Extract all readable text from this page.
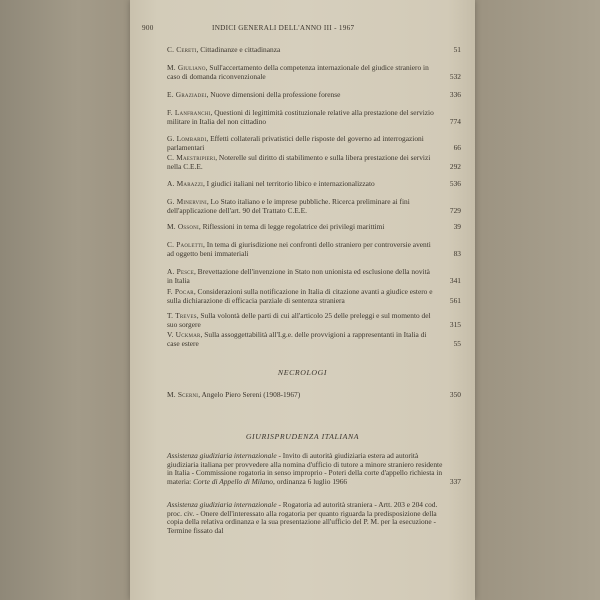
900	INDICI GENERALI DELL'ANNO III - 1967
C. Cereti, Cittadinanze e cittadinanza	51
M. Giuliano, Sull'accertamento della competenza internazionale del giudice straniero in caso di domanda riconvenzionale	532
E. Graziadei, Nuove dimensioni della professione forense	336
F. Lanfranchi, Questioni di legittimità costituzionale relative alla prestazione del servizio militare in Italia del non cittadino	774
G. Lombardi, Effetti collaterali privatistici delle risposte del governo ad interrogazioni parlamentari	66
C. Maestripieri, Noterelle sul diritto di stabilimento e sulla libera prestazione dei servizi nella C.E.E.	292
A. Marazzi, I giudici italiani nel territorio libico e internazionalizzato	536
G. Minervini, Lo Stato italiano e le imprese pubbliche. Ricerca preliminare ai fini dell'applicazione dell'art. 90 del Trattato C.E.E.	729
M. Ossoni, Riflessioni in tema di legge regolatrice dei privilegi marittimi	39
C. Paoletti, In tema di giurisdizione nei confronti dello straniero per controversie aventi ad oggetto beni immateriali	83
A. Pesce, Brevettazione dell'invenzione in Stato non unionista ed esclusione della novità in Italia	341
F. Pocar, Considerazioni sulla notificazione in Italia di citazione avanti a giudice estero e sulla dichiarazione di efficacia parziale di sentenza straniera	561
T. Treves, Sulla volontà delle parti di cui all'articolo 25 delle preleggi e sul momento del suo sorgere	315
V. Uckmar, Sulla assoggettabilità all'I.g.e. delle provvigioni a rappresentanti in Italia di case estere	55
NECROLOGI
M. Scerni, Angelo Piero Sereni (1908-1967)	350
GIURISPRUDENZA ITALIANA
Assistenza giudiziaria internazionale - Invito di autorità giudiziaria estera ad autorità giudiziaria italiana per provvedere alla nomina d'ufficio di tutore a minore straniero residente in Italia - Commissione rogatoria in senso improprio - Poteri della corte d'appello richiesta in materia: Corte di Appello di Milano, ordinanza 6 luglio 1966	337
Assistenza giudiziaria internazionale - Rogatoria ad autorità straniera - Artt. 203 e 204 cod. proc. civ. - Onere dell'interessato alla rogatoria per quanto riguarda la predisposizione della copia della relativa ordinanza e la sua presentazione all'ufficio del P. M. per la esecuzione - Termine fissato dal
